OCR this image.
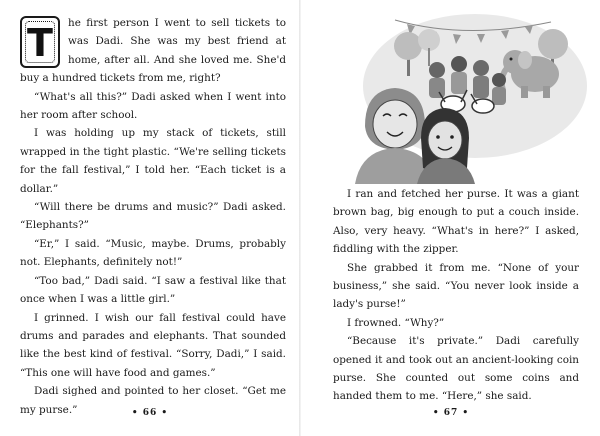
T	he first person I went to sell tickets to was Dadi. She was my best friend at home, after all. And she loved me. She'd buy a hundred tickets from me, right?

“What's all this?” Dadi asked when I went into her room after school.

I was holding up my stack of tickets, still wrapped in the tight plastic. “We're selling tickets for the fall festival,” I told her. “Each ticket is a dollar.”

“Will there be drums and music?” Dadi asked. “Elephants?”

“Er,” I said. “Music, maybe. Drums, probably not. Elephants, definitely not!”

“Too bad,” Dadi said. “I saw a festival like that once when I was a little girl.”

I grinned. I wish our fall festival could have drums and parades and elephants. That sounded like the best kind of festival. “Sorry, Dadi,” I said. “This one will have food and games.”

Dadi sighed and pointed to her closet. “Get me my purse.”	• 66 •

I ran and fetched her purse. It was a giant brown bag, big enough to put a couch inside. Also, very heavy. “What's in here?” I asked, fiddling with the zipper.

She grabbed it from me. “None of your business,” she said. “You never look inside a lady's purse!”

I frowned. “Why?”

“Because it's private.” Dadi carefully opened it and took out an ancient-looking coin purse. She counted out some coins and handed them to me. “Here,” she said.

• 67 •
